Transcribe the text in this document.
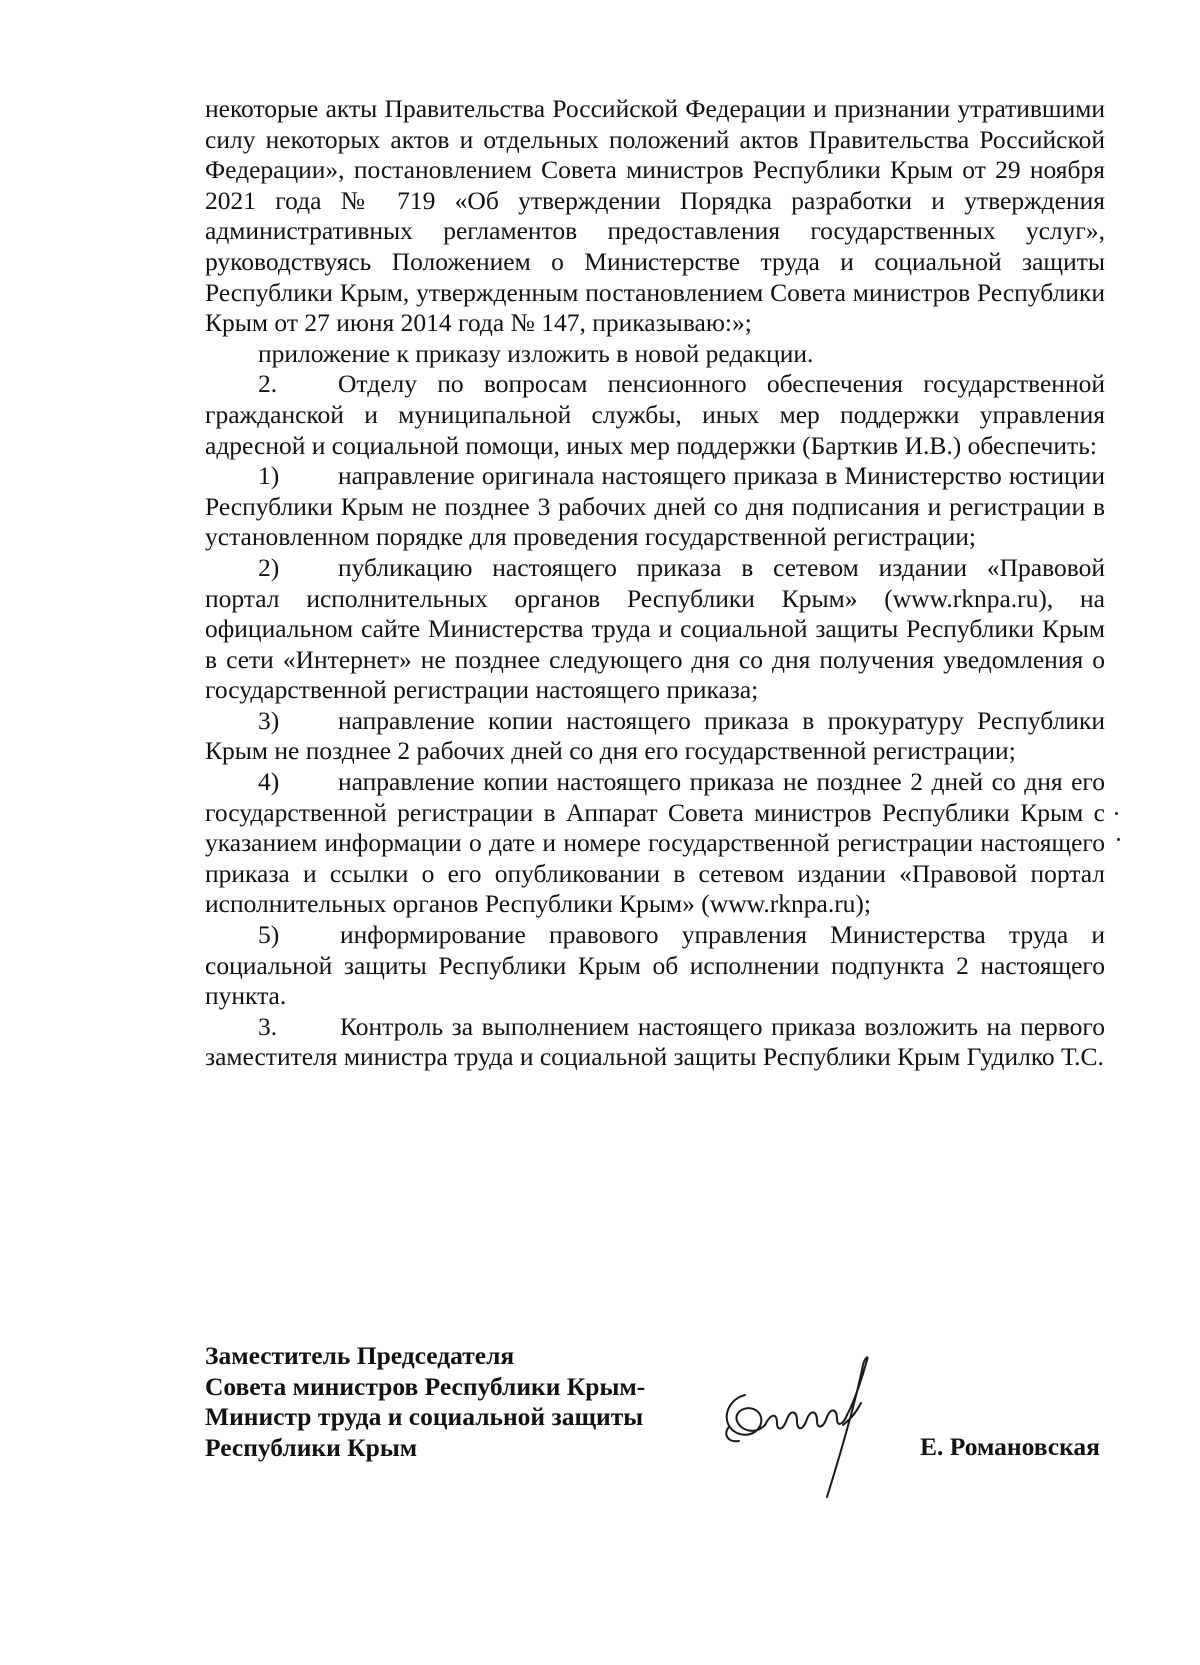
некоторые акты Правительства Российской Федерации и признании утратившими силу некоторых актов и отдельных положений актов Правительства Российской Федерации», постановлением Совета министров Республики Крым от 29 ноября 2021 года № 719 «Об утверждении Порядка разработки и утверждения административных регламентов предоставления государственных услуг», руководствуясь Положением о Министерстве труда и социальной защиты Республики Крым, утвержденным постановлением Совета министров Республики Крым от 27 июня 2014 года № 147, приказываю:»;

приложение к приказу изложить в новой редакции.

2. Отделу по вопросам пенсионного обеспечения государственной гражданской и муниципальной службы, иных мер поддержки управления адресной и социальной помощи, иных мер поддержки (Барткив И.В.) обеспечить:

1) направление оригинала настоящего приказа в Министерство юстиции Республики Крым не позднее 3 рабочих дней со дня подписания и регистрации в установленном порядке для проведения государственной регистрации;

2) публикацию настоящего приказа в сетевом издании «Правовой портал исполнительных органов Республики Крым» (www.rknpa.ru), на официальном сайте Министерства труда и социальной защиты Республики Крым в сети «Интернет» не позднее следующего дня со дня получения уведомления о государственной регистрации настоящего приказа;

3) направление копии настоящего приказа в прокуратуру Республики Крым не позднее 2 рабочих дней со дня его государственной регистрации;

4) направление копии настоящего приказа не позднее 2 дней со дня его государственной регистрации в Аппарат Совета министров Республики Крым с указанием информации о дате и номере государственной регистрации настоящего приказа и ссылки о его опубликовании в сетевом издании «Правовой портал исполнительных органов Республики Крым» (www.rknpa.ru);

5) информирование правового управления Министерства труда и социальной защиты Республики Крым об исполнении подпункта 2 настоящего пункта.

3. Контроль за выполнением настоящего приказа возложить на первого заместителя министра труда и социальной защиты Республики Крым Гудилко Т.С.

Заместитель Председателя
Совета министров Республики Крым-
Министр труда и социальной защиты
Республики Крым	Е. Романовская
